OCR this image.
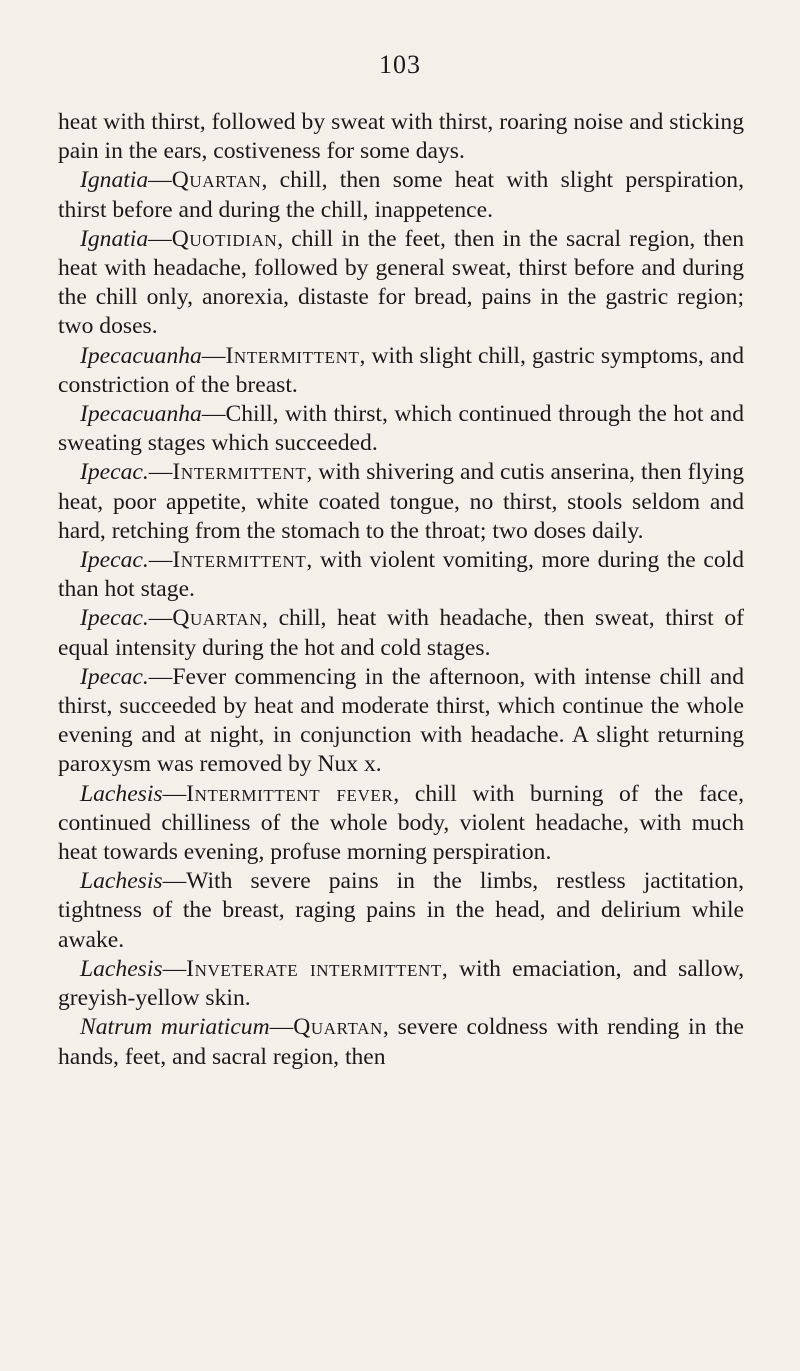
103

heat with thirst, followed by sweat with thirst, roaring noise and sticking pain in the ears, costiveness for some days.

Ignatia—Quartan, chill, then some heat with slight perspiration, thirst before and during the chill, inappetence.

Ignatia—Quotidian, chill in the feet, then in the sacral region, then heat with headache, followed by general sweat, thirst before and during the chill only, anorexia, distaste for bread, pains in the gastric region; two doses.

Ipecacuanha—Intermittent, with slight chill, gastric symptoms, and constriction of the breast.

Ipecacuanha—Chill, with thirst, which continued through the hot and sweating stages which succeeded.

Ipecac.—Intermittent, with shivering and cutis anserina, then flying heat, poor appetite, white coated tongue, no thirst, stools seldom and hard, retching from the stomach to the throat; two doses daily.

Ipecac.—Intermittent, with violent vomiting, more during the cold than hot stage.

Ipecac.—Quartan, chill, heat with headache, then sweat, thirst of equal intensity during the hot and cold stages.

Ipecac.—Fever commencing in the afternoon, with intense chill and thirst, succeeded by heat and moderate thirst, which continue the whole evening and at night, in conjunction with headache. A slight returning paroxysm was removed by Nux x.

Lachesis—Intermittent fever, chill with burning of the face, continued chilliness of the whole body, violent headache, with much heat towards evening, profuse morning perspiration.

Lachesis—With severe pains in the limbs, restless jactitation, tightness of the breast, raging pains in the head, and delirium while awake.

Lachesis—Inveterate intermittent, with emaciation, and sallow, greyish-yellow skin.

Natrum muriaticum—Quartan, severe coldness with rending in the hands, feet, and sacral region, then
